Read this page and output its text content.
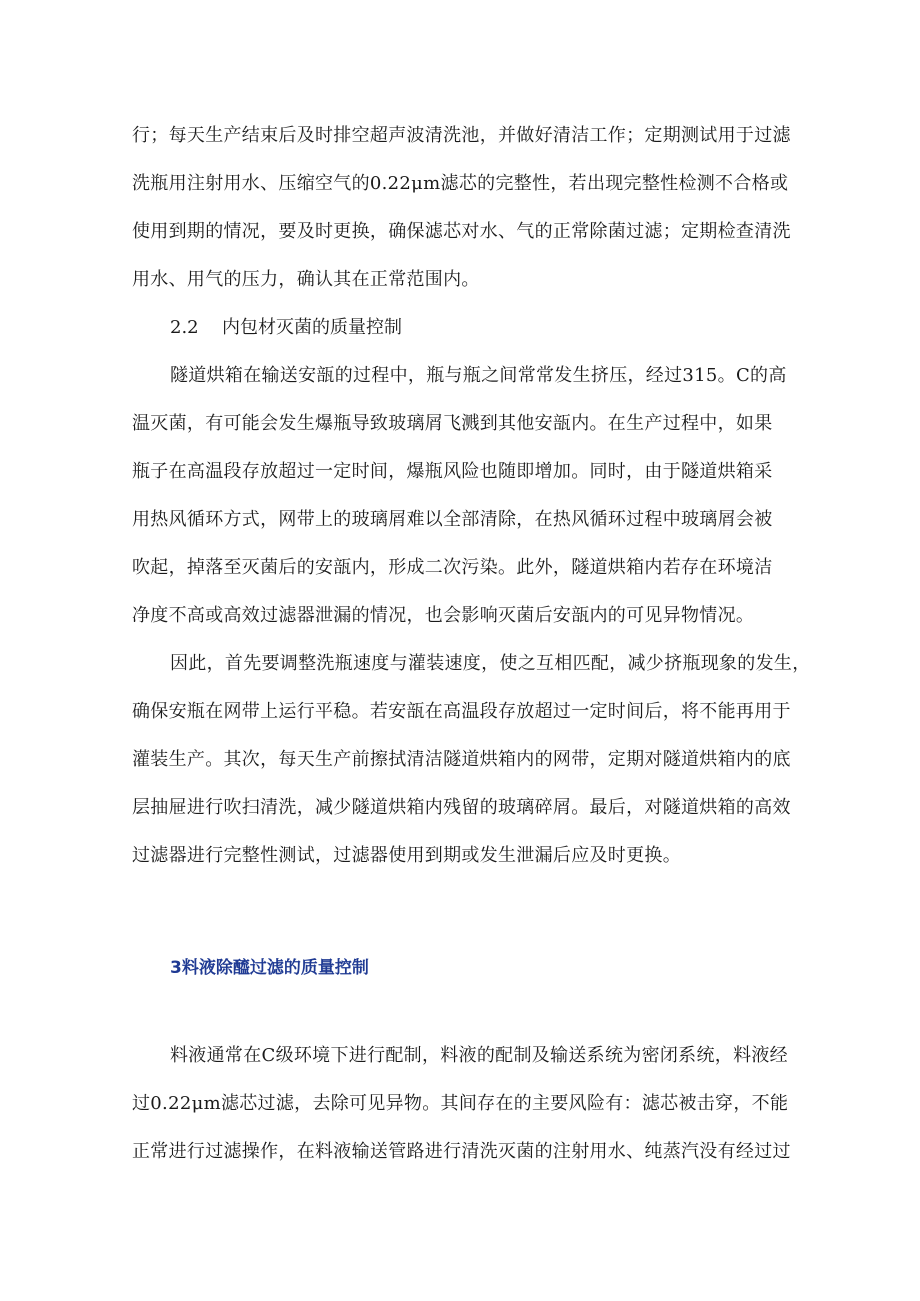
行；每天生产结束后及时排空超声波清洗池，并做好清洁工作；定期测试用于过滤
洗瓶用注射用水、压缩空气的0.22μm滤芯的完整性，若出现完整性检测不合格或
使用到期的情况，要及时更换，确保滤芯对水、气的正常除菌过滤；定期检查清洗
用水、用气的压力，确认其在正常范围内。
2.2 内包材灭菌的质量控制
隧道烘箱在输送安瓿的过程中，瓶与瓶之间常常发生挤压，经过315。C的高
温灭菌，有可能会发生爆瓶导致玻璃屑飞溅到其他安瓿内。在生产过程中，如果
瓶子在高温段存放超过一定时间，爆瓶风险也随即增加。同时，由于隧道烘箱采
用热风循环方式，网带上的玻璃屑难以全部清除，在热风循环过程中玻璃屑会被
吹起，掉落至灭菌后的安瓿内，形成二次污染。此外，隧道烘箱内若存在环境洁
净度不高或高效过滤器泄漏的情况，也会影响灭菌后安瓿内的可见异物情况。
因此，首先要调整洗瓶速度与灌装速度，使之互相匹配，减少挤瓶现象的发生，
确保安瓶在网带上运行平稳。若安瓿在高温段存放超过一定时间后，将不能再用于
灌装生产。其次，每天生产前擦拭清洁隧道烘箱内的网带，定期对隧道烘箱内的底
层抽屉进行吹扫清洗，减少隧道烘箱内残留的玻璃碎屑。最后，对隧道烘箱的高效
过滤器进行完整性测试，过滤器使用到期或发生泄漏后应及时更换。
3料液除醯过滤的质量控制
料液通常在C级环境下进行配制，料液的配制及输送系统为密闭系统，料液经
过0.22μm滤芯过滤，去除可见异物。其间存在的主要风险有：滤芯被击穿，不能
正常进行过滤操作，在料液输送管路进行清洗灭菌的注射用水、纯蒸汽没有经过过
